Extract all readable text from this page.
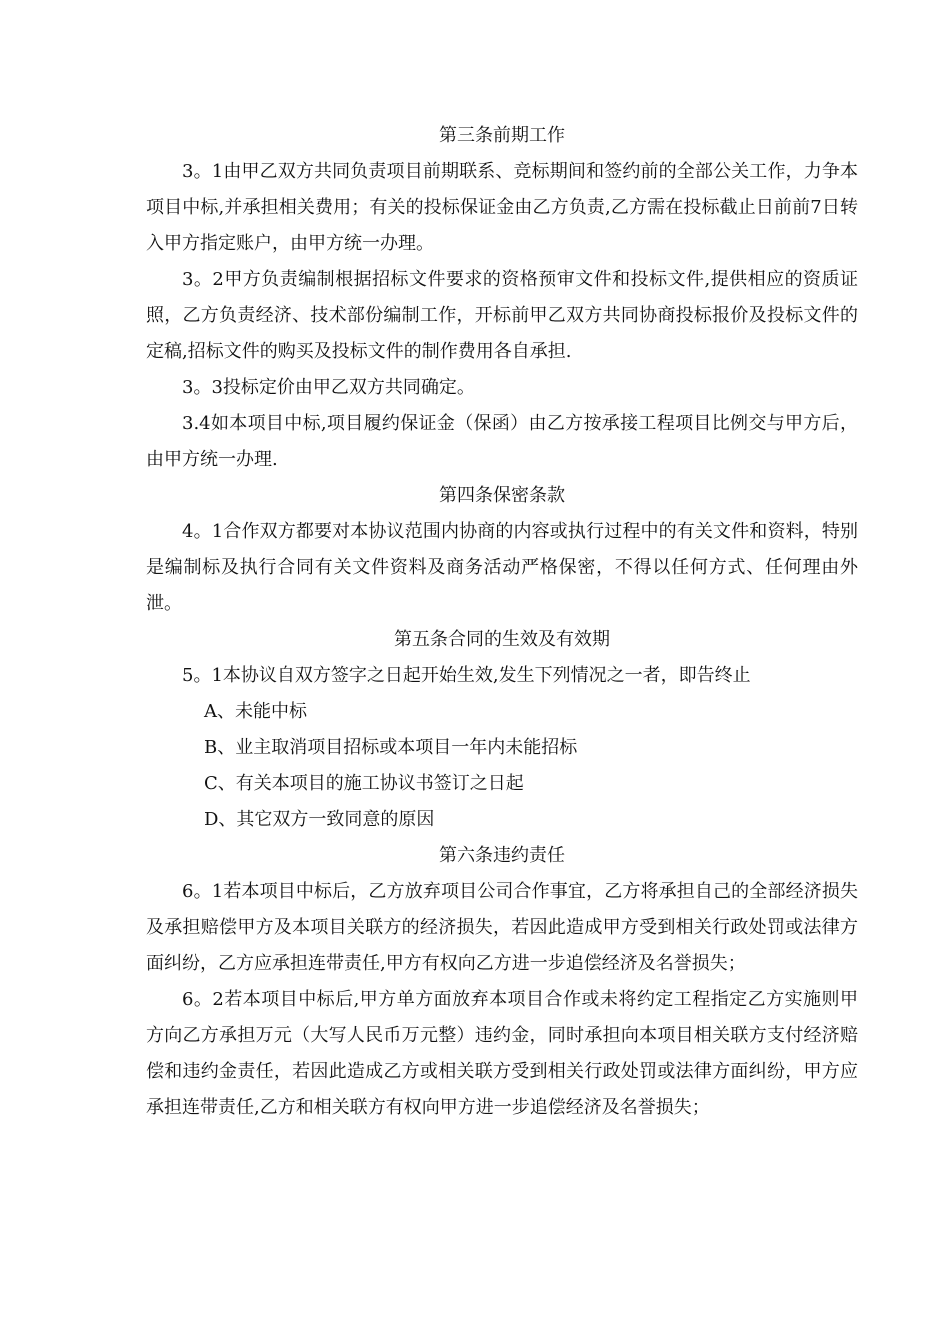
第三条前期工作

3。1由甲乙双方共同负责项目前期联系、竞标期间和签约前的全部公关工作，力争本项目中标,并承担相关费用；有关的投标保证金由乙方负责,乙方需在投标截止日前前7日转入甲方指定账户，由甲方统一办理。

3。2甲方负责编制根据招标文件要求的资格预审文件和投标文件,提供相应的资质证照，乙方负责经济、技术部份编制工作，开标前甲乙双方共同协商投标报价及投标文件的定稿,招标文件的购买及投标文件的制作费用各自承担.

3。3投标定价由甲乙双方共同确定。

3.4如本项目中标,项目履约保证金（保函）由乙方按承接工程项目比例交与甲方后，由甲方统一办理.

第四条保密条款

4。1合作双方都要对本协议范围内协商的内容或执行过程中的有关文件和资料，特别是编制标及执行合同有关文件资料及商务活动严格保密，不得以任何方式、任何理由外泄。

第五条合同的生效及有效期

5。1本协议自双方签字之日起开始生效,发生下列情况之一者，即告终止

A、未能中标

B、业主取消项目招标或本项目一年内未能招标

C、有关本项目的施工协议书签订之日起

D、其它双方一致同意的原因

第六条违约责任

6。1若本项目中标后，乙方放弃项目公司合作事宜，乙方将承担自己的全部经济损失及承担赔偿甲方及本项目关联方的经济损失，若因此造成甲方受到相关行政处罚或法律方面纠纷，乙方应承担连带责任,甲方有权向乙方进一步追偿经济及名誉损失；

6。2若本项目中标后,甲方单方面放弃本项目合作或未将约定工程指定乙方实施则甲方向乙方承担万元（大写人民币万元整）违约金，同时承担向本项目相关联方支付经济赔偿和违约金责任，若因此造成乙方或相关联方受到相关行政处罚或法律方面纠纷，甲方应承担连带责任,乙方和相关联方有权向甲方进一步追偿经济及名誉损失；
